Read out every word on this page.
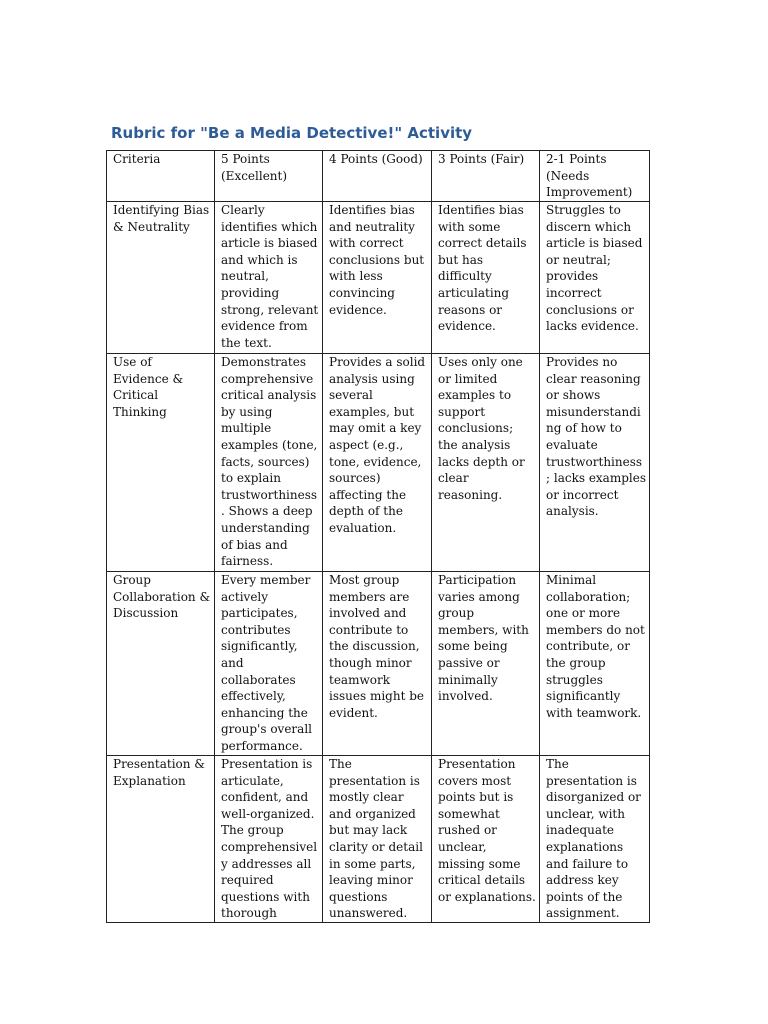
Rubric for "Be a Media Detective!" Activity
Criteria	5 Points (Excellent)	4 Points (Good)	3 Points (Fair)	2-1 Points (Needs Improvement)
Identifying Bias & Neutrality	Clearly identifies which article is biased and which is neutral, providing strong, relevant evidence from the text.	Identifies bias and neutrality with correct conclusions but with less convincing evidence.	Identifies bias with some correct details but has difficulty articulating reasons or evidence.	Struggles to discern which article is biased or neutral; provides incorrect conclusions or lacks evidence.
Use of Evidence & Critical Thinking	Demonstrates comprehensive critical analysis by using multiple examples (tone, facts, sources) to explain trustworthiness. Shows a deep understanding of bias and fairness.	Provides a solid analysis using several examples, but may omit a key aspect (e.g., tone, evidence, sources) affecting the depth of the evaluation.	Uses only one or limited examples to support conclusions; the analysis lacks depth or clear reasoning.	Provides no clear reasoning or shows misunderstanding of how to evaluate trustworthiness; lacks examples or incorrect analysis.
Group Collaboration & Discussion	Every member actively participates, contributes significantly, and collaborates effectively, enhancing the group's overall performance.	Most group members are involved and contribute to the discussion, though minor teamwork issues might be evident.	Participation varies among group members, with some being passive or minimally involved.	Minimal collaboration; one or more members do not contribute, or the group struggles significantly with teamwork.
Presentation & Explanation	Presentation is articulate, confident, and well-organized. The group comprehensively addresses all required questions with thorough	The presentation is mostly clear and organized but may lack clarity or detail in some parts, leaving minor questions unanswered.	Presentation covers most points but is somewhat rushed or unclear, missing some critical details or explanations.	The presentation is disorganized or unclear, with inadequate explanations and failure to address key points of the assignment.
